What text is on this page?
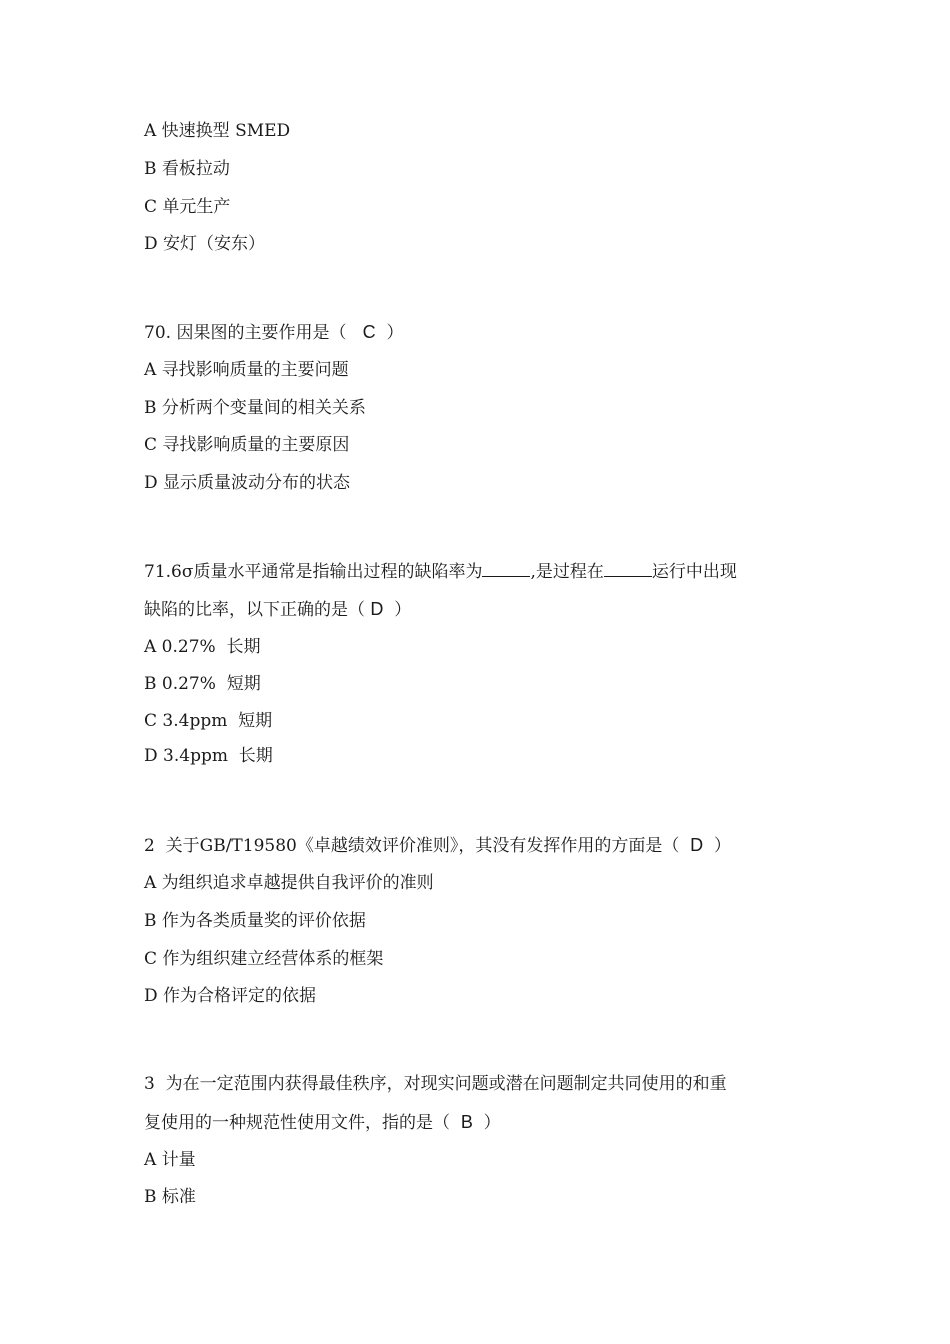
A 快速换型 SMED
B 看板拉动
C 单元生产
D 安灯（安东）
70. 因果图的主要作用是（ C ）
A 寻找影响质量的主要问题
B 分析两个变量间的相关关系
C 寻找影响质量的主要原因
D 显示质量波动分布的状态
71.6σ质量水平通常是指输出过程的缺陷率为	,是过程在	运行中出现
缺陷的比率，以下正确的是（ D ）
A 0.27%  长期
B 0.27%  短期
C 3.4ppm  短期
D 3.4ppm  长期
2  关于GB/T19580《卓越绩效评价准则》，其没有发挥作用的方面是（ D ）
A 为组织追求卓越提供自我评价的准则
B 作为各类质量奖的评价依据
C 作为组织建立经营体系的框架
D 作为合格评定的依据
3  为在一定范围内获得最佳秩序，对现实问题或潜在问题制定共同使用的和重
复使用的一种规范性使用文件，指的是（ B ）
A 计量
B 标准
